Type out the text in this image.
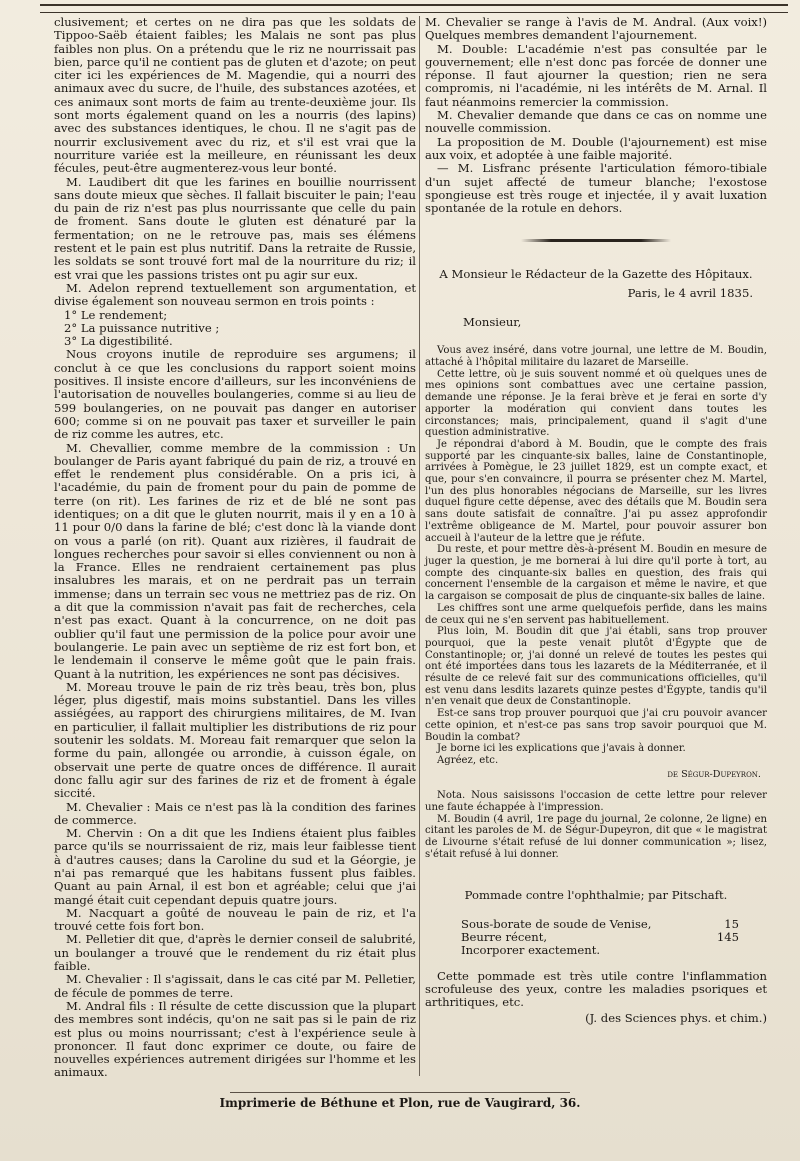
clusivement; et certes on ne dira pas que les soldats de Tippoo-Saëb étaient faibles; les Malais ne sont pas plus faibles non plus. On a prétendu que le riz ne nourrissait pas bien, parce qu'il ne contient pas de gluten et d'azote; on peut citer ici les expériences de M. Magendie, qui a nourri des animaux avec du sucre, de l'huile, des substances azotées, et ces animaux sont morts de faim au trente-deuxième jour. Ils sont morts également quand on les a nourris (des lapins) avec des substances identiques, le chou. Il ne s'agit pas de nourrir exclusivement avec du riz, et s'il est vrai que la nourriture variée est la meilleure, en réunissant les deux fécules, peut-être augmenterez-vous leur bonté.

M. Laudibert dit que les farines en bouillie nourrissent sans doute mieux que sèches. Il fallait biscuiter le pain; l'eau du pain de riz n'est pas plus nourrissante que celle du pain de froment. Sans doute le gluten est dénaturé par la fermentation; on ne le retrouve pas, mais ses élémens restent et le pain est plus nutritif. Dans la retraite de Russie, les soldats se sont trouvé fort mal de la nourriture du riz; il est vrai que les passions tristes ont pu agir sur eux.

M. Adelon reprend textuellement son argumentation, et divise également son nouveau sermon en trois points :

1° Le rendement;

2° La puissance nutritive ;

3° La digestibilité.

Nous croyons inutile de reproduire ses argumens; il conclut à ce que les conclusions du rapport soient moins positives. Il insiste encore d'ailleurs, sur les inconvéniens de l'autorisation de nouvelles boulangeries, comme si au lieu de 599 boulangeries, on ne pouvait pas danger en autoriser 600; comme si on ne pouvait pas taxer et surveiller le pain de riz comme les autres, etc.

M. Chevallier, comme membre de la commission : Un boulanger de Paris ayant fabriqué du pain de riz, a trouvé en effet le rendement plus considérable. On a pris ici, à l'académie, du pain de froment pour du pain de pomme de terre (on rit). Les farines de riz et de blé ne sont pas identiques; on a dit que le gluten nourrit, mais il y en a 10 à 11 pour 0/0 dans la farine de blé; c'est donc là la viande dont on vous a parlé (on rit). Quant aux rizières, il faudrait de longues recherches pour savoir si elles conviennent ou non à la France. Elles ne rendraient certainement pas plus insalubres les marais, et on ne perdrait pas un terrain immense; dans un terrain sec vous ne mettriez pas de riz. On a dit que la commission n'avait pas fait de recherches, cela n'est pas exact. Quant à la concurrence, on ne doit pas oublier qu'il faut une permission de la police pour avoir une boulangerie. Le pain avec un septième de riz est fort bon, et le lendemain il conserve le même goût que le pain frais. Quant à la nutrition, les expériences ne sont pas décisives.

M. Moreau trouve le pain de riz très beau, très bon, plus léger, plus digestif, mais moins substantiel. Dans les villes assiégées, au rapport des chirurgiens militaires, de M. Ivan en particulier, il fallait multiplier les distributions de riz pour soutenir les soldats. M. Moreau fait remarquer que selon la forme du pain, allongée ou arrondie, à cuisson égale, on observait une perte de quatre onces de différence. Il aurait donc fallu agir sur des farines de riz et de froment à égale siccité.

M. Chevalier : Mais ce n'est pas là la condition des farines de commerce.

M. Chervin : On a dit que les Indiens étaient plus faibles parce qu'ils se nourrissaient de riz, mais leur faiblesse tient à d'autres causes; dans la Caroline du sud et la Géorgie, je n'ai pas remarqué que les habitans fussent plus faibles. Quant au pain Arnal, il est bon et agréable; celui que j'ai mangé était cuit cependant depuis quatre jours.

M. Nacquart a goûté de nouveau le pain de riz, et l'a trouvé cette fois fort bon.

M. Pelletier dit que, d'après le dernier conseil de salubrité, un boulanger a trouvé que le rendement du riz était plus faible.

M. Chevalier : Il s'agissait, dans le cas cité par M. Pelletier, de fécule de pommes de terre.

M. Andral fils : Il résulte de cette discussion que la plupart des membres sont indécis, qu'on ne sait pas si le pain de riz est plus ou moins nourrissant; c'est à l'expérience seule à prononcer. Il faut donc exprimer ce doute, ou faire de nouvelles expériences autrement dirigées sur l'homme et les animaux.

M. Chevalier se range à l'avis de M. Andral. (Aux voix!) Quelques membres demandent l'ajournement.

M. Double: L'académie n'est pas consultée par le gouvernement; elle n'est donc pas forcée de donner une réponse. Il faut ajourner la question; rien ne sera compromis, ni l'académie, ni les intérêts de M. Arnal. Il faut néanmoins remercier la commission.

M. Chevalier demande que dans ce cas on nomme une nouvelle commission.

La proposition de M. Double (l'ajournement) est mise aux voix, et adoptée à une faible majorité.

— M. Lisfranc présente l'articulation fémoro-tibiale d'un sujet affecté de tumeur blanche; l'exostose spongieuse est très rouge et injectée, il y avait luxation spontanée de la rotule en dehors.

A Monsieur le Rédacteur de la Gazette des Hôpitaux.

Paris, le 4 avril 1835.

Monsieur,

Vous avez inséré, dans votre journal, une lettre de M. Boudin, attaché à l'hôpital militaire du lazaret de Marseille.

Cette lettre, où je suis souvent nommé et où quelques unes de mes opinions sont combattues avec une certaine passion, demande une réponse. Je la ferai brève et je ferai en sorte d'y apporter la modération qui convient dans toutes les circonstances; mais, principalement, quand il s'agit d'une question administrative.

Je répondrai d'abord à M. Boudin, que le compte des frais supporté par les cinquante-six balles, laine de Constantinople, arrivées à Pomègue, le 23 juillet 1829, est un compte exact, et que, pour s'en convaincre, il pourra se présenter chez M. Martel, l'un des plus honorables négocians de Marseille, sur les livres duquel figure cette dépense, avec des détails que M. Boudin sera sans doute satisfait de connaître. J'ai pu assez approfondir l'extrême obligeance de M. Martel, pour pouvoir assurer bon accueil à l'auteur de la lettre que je réfute.

Du reste, et pour mettre dès-à-présent M. Boudin en mesure de juger la question, je me bornerai à lui dire qu'il porte à tort, au compte des cinquante-six balles en question, des frais qui concernent l'ensemble de la cargaison et même le navire, et que la cargaison se composait de plus de cinquante-six balles de laine.

Les chiffres sont une arme quelquefois perfide, dans les mains de ceux qui ne s'en servent pas habituellement.

Plus loin, M. Boudin dit que j'ai établi, sans trop prouver pourquoi, que la peste venait plutôt d'Égypte que de Constantinople; or, j'ai donné un relevé de toutes les pestes qui ont été importées dans tous les lazarets de la Méditerranée, et il résulte de ce relevé fait sur des communications officielles, qu'il est venu dans lesdits lazarets quinze pestes d'Égypte, tandis qu'il n'en venait que deux de Constantinople.

Est-ce sans trop prouver pourquoi que j'ai cru pouvoir avancer cette opinion, et n'est-ce pas sans trop savoir pourquoi que M. Boudin la combat?

Je borne ici les explications que j'avais à donner.

Agréez, etc.

de Ségur-Dupeyron.

Nota. Nous saisissons l'occasion de cette lettre pour relever une faute échappée à l'impression.

M. Boudin (4 avril, 1re page du journal, 2e colonne, 2e ligne) en citant les paroles de M. de Ségur-Dupeyron, dit que « le magistrat de Livourne s'était refusé de lui donner communication »; lisez, s'était refusé à lui donner.

Pommade contre l'ophthalmie; par Pitschaft.

Sous-borate de soude de Venise,	15
Beurre récent,	145
Incorporer exactement.

Cette pommade est très utile contre l'inflammation scrofuleuse des yeux, contre les maladies psoriques et arthritiques, etc.

(J. des Sciences phys. et chim.)

Imprimerie de Béthune et Plon, rue de Vaugirard, 36.
